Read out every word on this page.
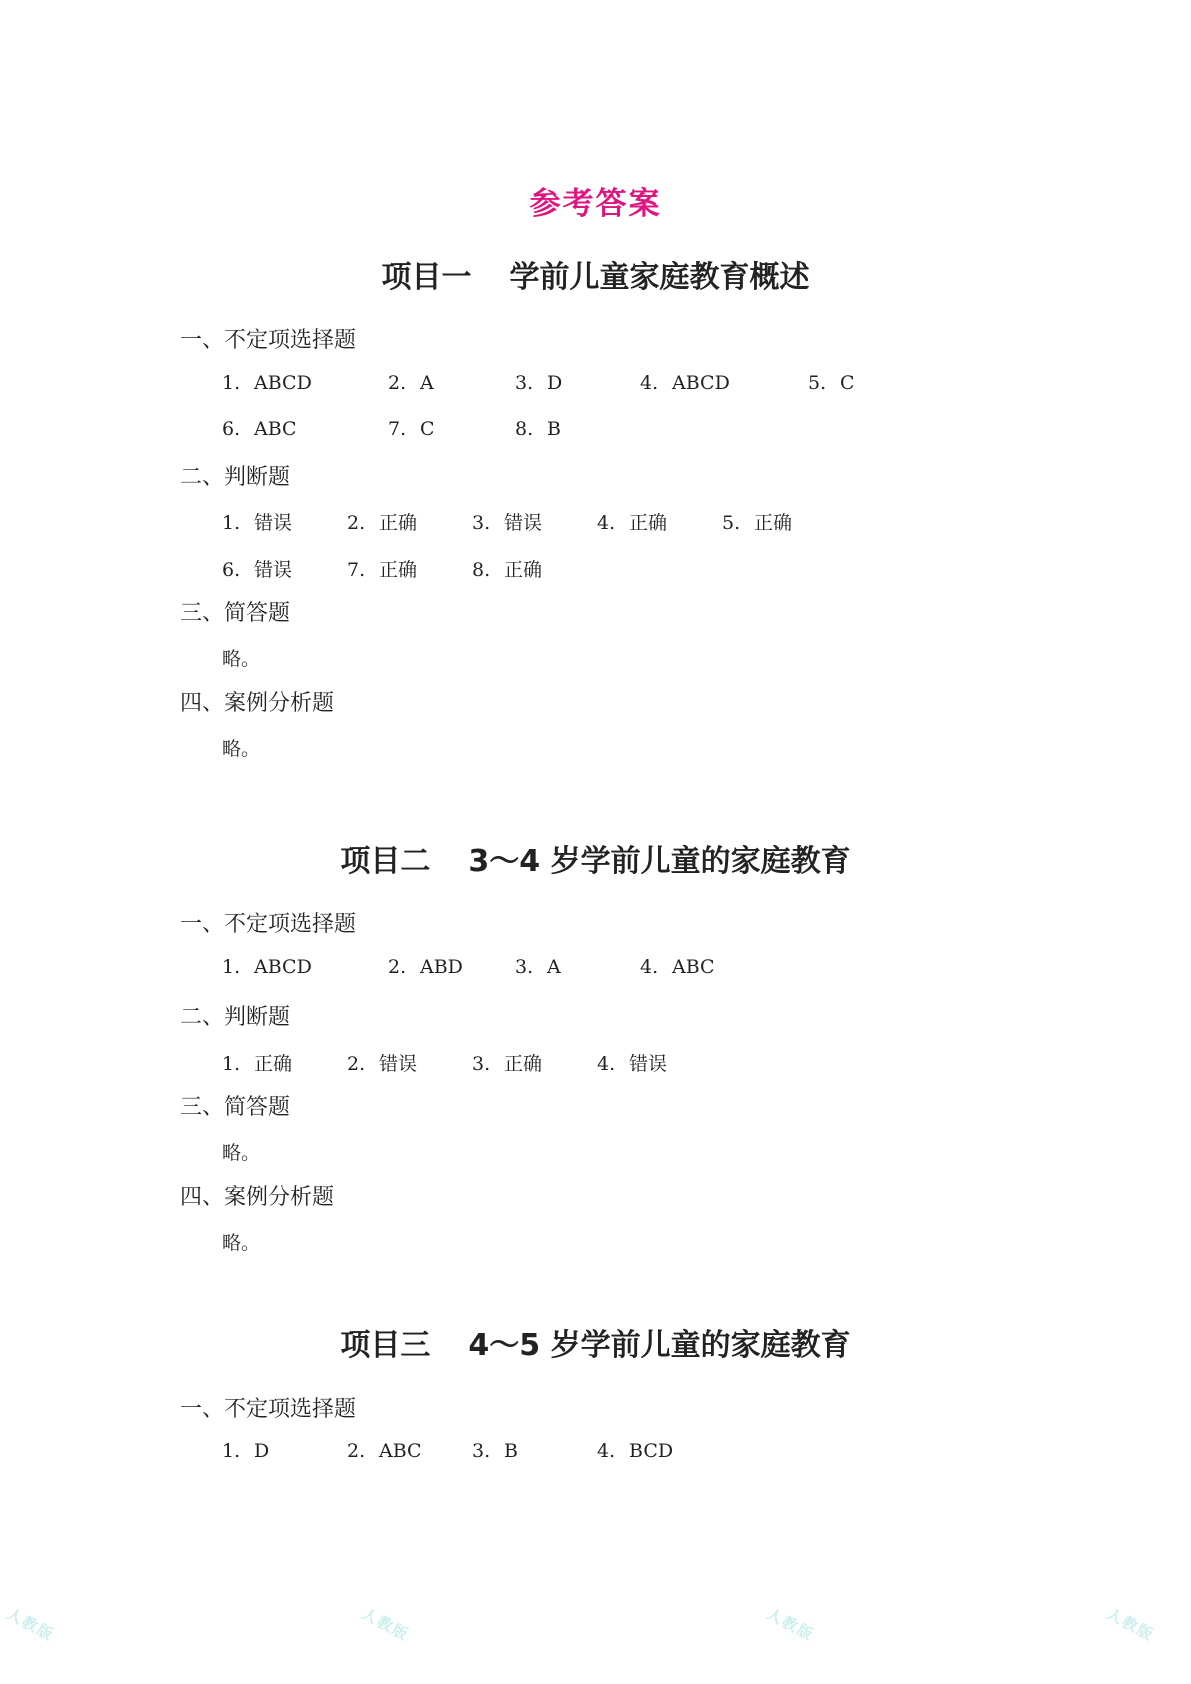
参考答案
项目一 学前儿童家庭教育概述
一、不定项选择题
1. ABCD	2. A	3. D	4. ABCD	5. C
6. ABC	7. C	8. B
二、判断题
1. 错误	2. 正确	3. 错误	4. 正确	5. 正确
6. 错误	7. 正确	8. 正确
三、简答题
略。
四、案例分析题
略。
项目二 3～4 岁学前儿童的家庭教育
一、不定项选择题
1. ABCD	2. ABD	3. A	4. ABC
二、判断题
1. 正确	2. 错误	3. 正确	4. 错误
三、简答题
略。
四、案例分析题
略。
项目三 4～5 岁学前儿童的家庭教育
一、不定项选择题
1. D	2. ABC	3. B	4. BCD
人教版	人教版	人教版	人教版
